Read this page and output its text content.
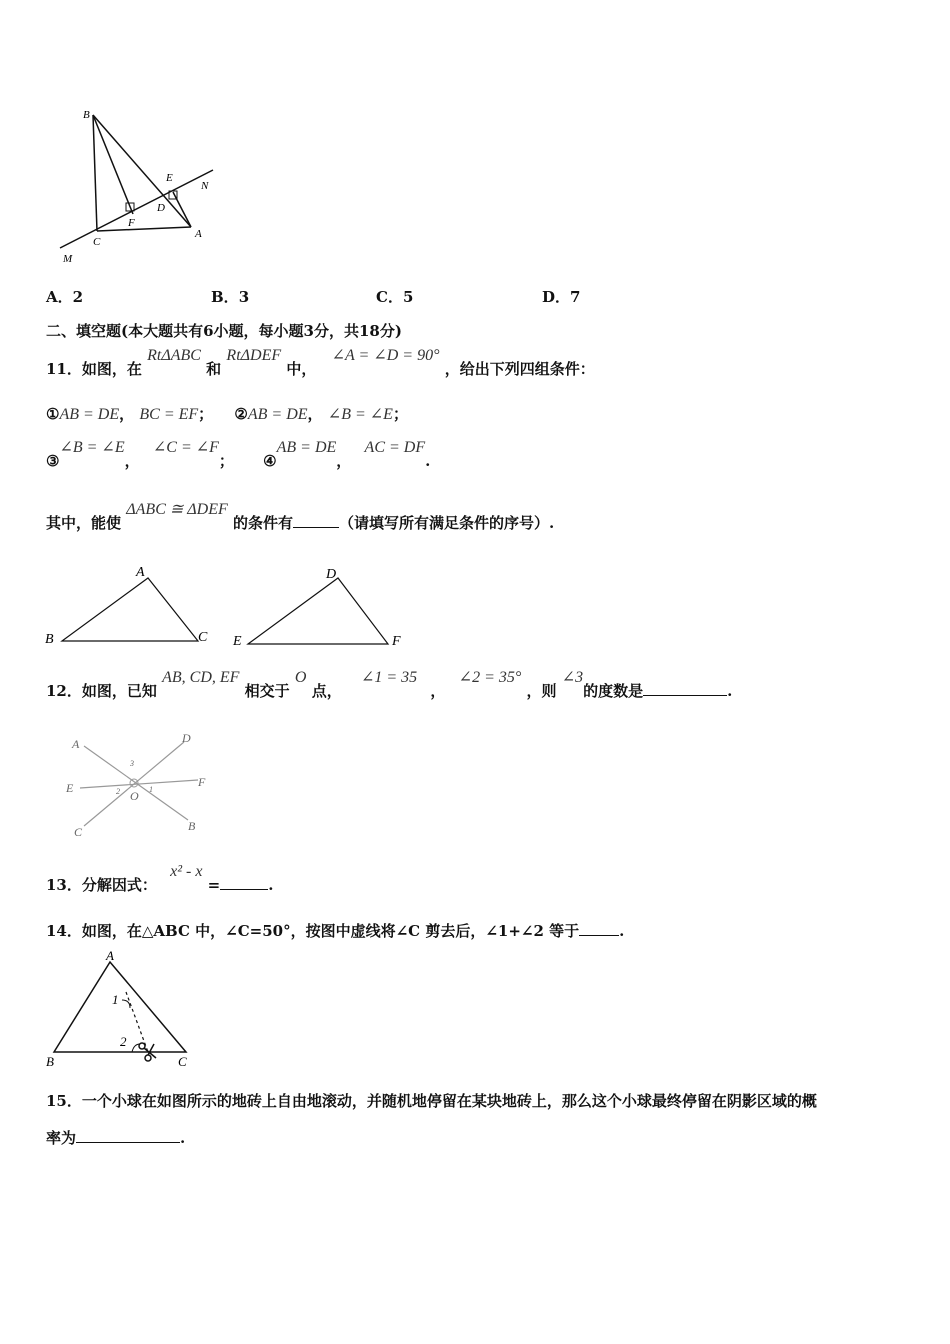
B
E
N
D
F
C
A
M
A．2	B．3	C．5	D．7
二、填空题(本大题共有6小题，每小题3分，共18分)
11．如图，在 RtΔABC 和 RtΔDEF 中， ∠A = ∠D = 90° ，给出下列四组条件：
①AB = DE， BC = EF； ②AB = DE， ∠B = ∠E；
③∠B = ∠E， ∠C = ∠F； ④AB = DE， AC = DF.
其中，能使 ΔABC ≅ ΔDEF 的条件有	（请填写所有满足条件的序号）.
A
B	C
D
E	F
12．如图，已知 AB, CD, EF 相交于 O 点， ∠1 = 35 ， ∠2 = 35° ，则 ∠3的度数是	.
A	D
E	F
C	B
O 1
2
3
13．分解因式： x² - x =	.
14．如图，在△ABC 中，∠C=50°，按图中虚线将∠C 剪去后，∠1+∠2 等于	.
A
B	C
1
2
15．一个小球在如图所示的地砖上自由地滚动，并随机地停留在某块地砖上，那么这个小球最终停留在阴影区域的概
率为	.
